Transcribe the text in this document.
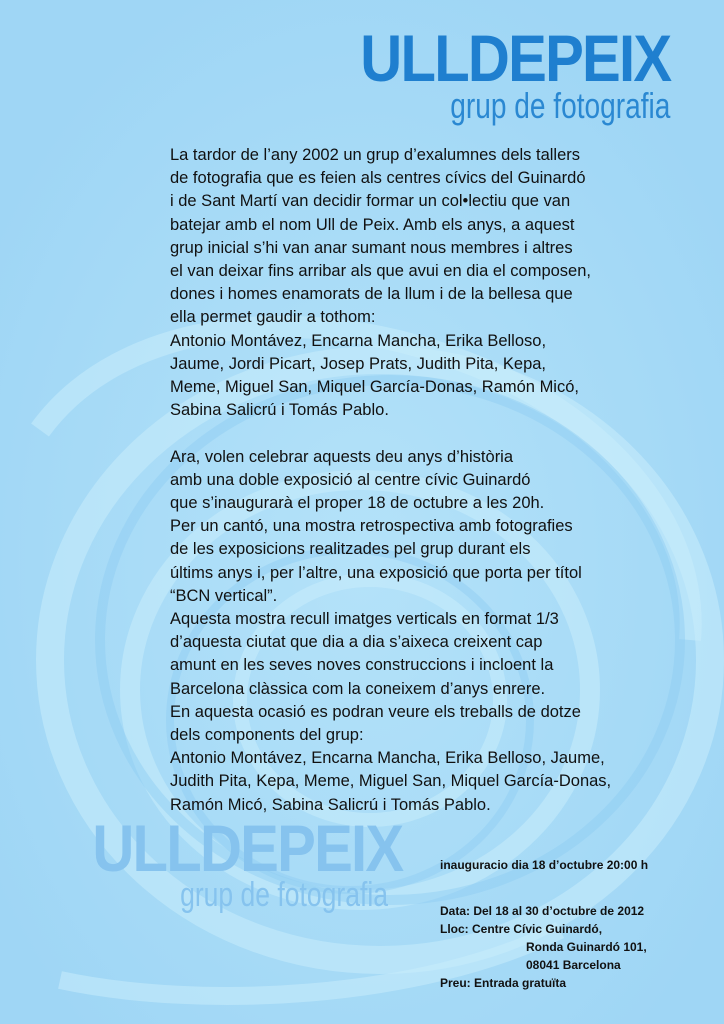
ULLDEPEIX
grup de fotografia

La tardor de l’any 2002 un grup d’exalumnes dels tallers

de fotografia que es feien als centres cívics del Guinardó

i de Sant Martí van decidir formar un col•lectiu que van

batejar amb el nom Ull de Peix. Amb els anys, a aquest

grup inicial s’hi van anar sumant nous membres i altres

el van deixar fins arribar als que avui en dia el composen,

dones i homes enamorats de la llum i de la bellesa que

ella permet gaudir a tothom:

Antonio Montávez, Encarna Mancha, Erika Belloso,

Jaume, Jordi Picart, Josep Prats, Judith Pita, Kepa,

Meme, Miguel San, Miquel García-Donas, Ramón Micó,

Sabina Salicrú i Tomás Pablo.

Ara, volen celebrar aquests deu anys d’història

amb una doble exposició al centre cívic Guinardó

que s’inaugurarà el proper 18 de octubre a les 20h.

Per un cantó, una mostra retrospectiva amb fotografies

de les exposicions realitzades pel grup durant els

últims anys i, per l’altre, una exposició que porta per títol

“BCN vertical”.

Aquesta mostra recull imatges verticals en format 1/3

d’aquesta ciutat que dia a dia s’aixeca creixent cap

amunt en les seves noves construccions i incloent la

Barcelona clàssica com la coneixem d’anys enrere.

En aquesta ocasió es podran veure els treballs de dotze

dels components del grup:

Antonio Montávez, Encarna Mancha, Erika Belloso, Jaume,

Judith Pita, Kepa, Meme, Miguel San, Miquel García-Donas,

Ramón Micó, Sabina Salicrú i Tomás Pablo.

ULLDEPEIX
grup de fotografia
inauguracio dia 18 d’octubre 20:00 h
Data: Del 18 al 30 d’octubre de 2012
Lloc: Centre Cívic Guinardó,
Ronda Guinardó 101,
08041 Barcelona
Preu: Entrada gratuïta
